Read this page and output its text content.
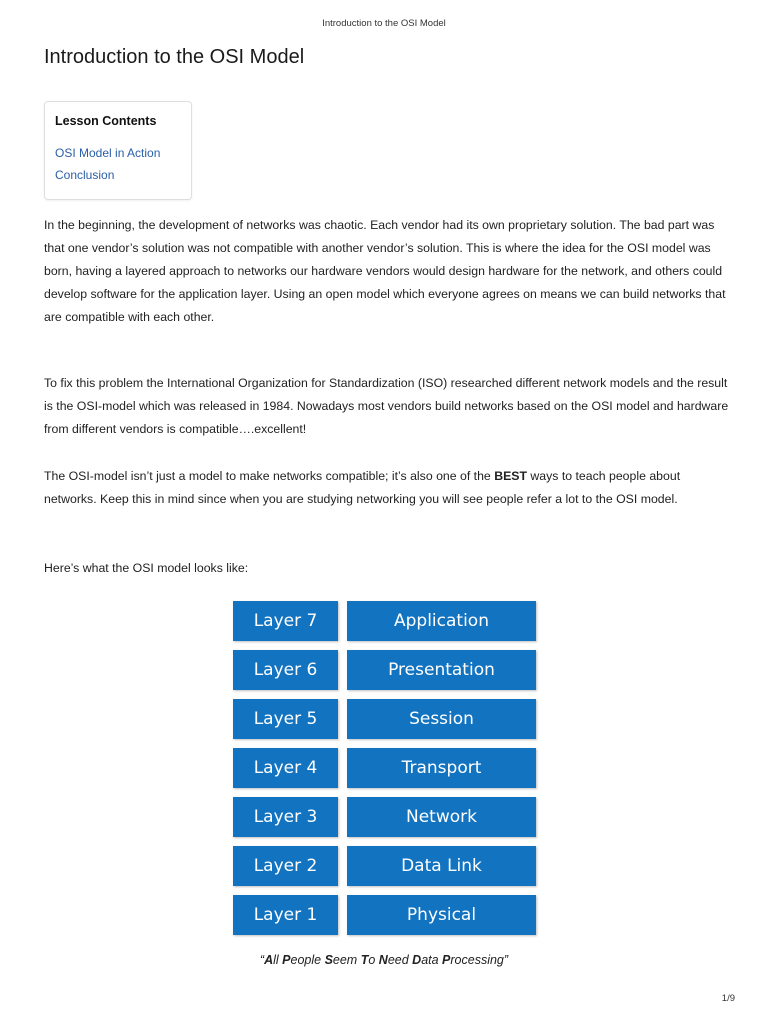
Introduction to the OSI Model
Introduction to the OSI Model
Lesson Contents
OSI Model in Action
Conclusion

In the beginning, the development of networks was chaotic. Each vendor had its own proprietary solution. The bad part was that one vendor’s solution was not compatible with another vendor’s solution. This is where the idea for the OSI model was born, having a layered approach to networks our hardware vendors would design hardware for the network, and others could develop software for the application layer. Using an open model which everyone agrees on means we can build networks that are compatible with each other.

To fix this problem the International Organization for Standardization (ISO) researched different network models and the result is the OSI-model which was released in 1984. Nowadays most vendors build networks based on the OSI model and hardware from different vendors is compatible….excellent!

The OSI-model isn’t just a model to make networks compatible; it’s also one of the BEST ways to teach people about networks. Keep this in mind since when you are studying networking you will see people refer a lot to the OSI model.

Here’s what the OSI model looks like:

Layer 7	Application
Layer 6	Presentation
Layer 5	Session
Layer 4	Transport
Layer 3	Network
Layer 2	Data Link
Layer 1	Physical
“All People Seem To Need Data Processing”
1/9
